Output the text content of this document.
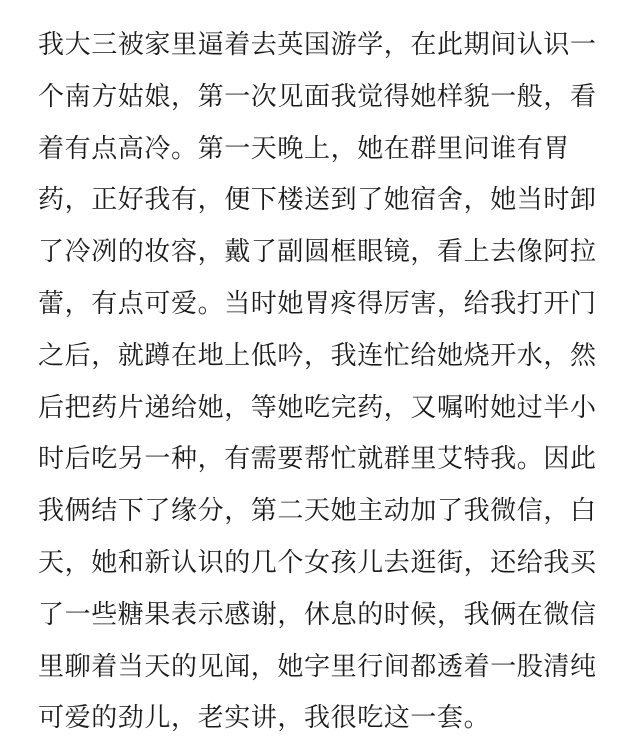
我大三被家里逼着去英国游学，在此期间认识一
个南方姑娘，第一次见面我觉得她样貌一般，看
着有点高冷。第一天晚上，她在群里问谁有胃
药，正好我有，便下楼送到了她宿舍，她当时卸
了冷冽的妆容，戴了副圆框眼镜，看上去像阿拉
蕾，有点可爱。当时她胃疼得厉害，给我打开门
之后，就蹲在地上低吟，我连忙给她烧开水，然
后把药片递给她，等她吃完药，又嘱咐她过半小
时后吃另一种，有需要帮忙就群里艾特我。因此
我俩结下了缘分，第二天她主动加了我微信，白
天，她和新认识的几个女孩儿去逛街，还给我买
了一些糖果表示感谢，休息的时候，我俩在微信
里聊着当天的见闻，她字里行间都透着一股清纯
可爱的劲儿，老实讲，我很吃这一套。
